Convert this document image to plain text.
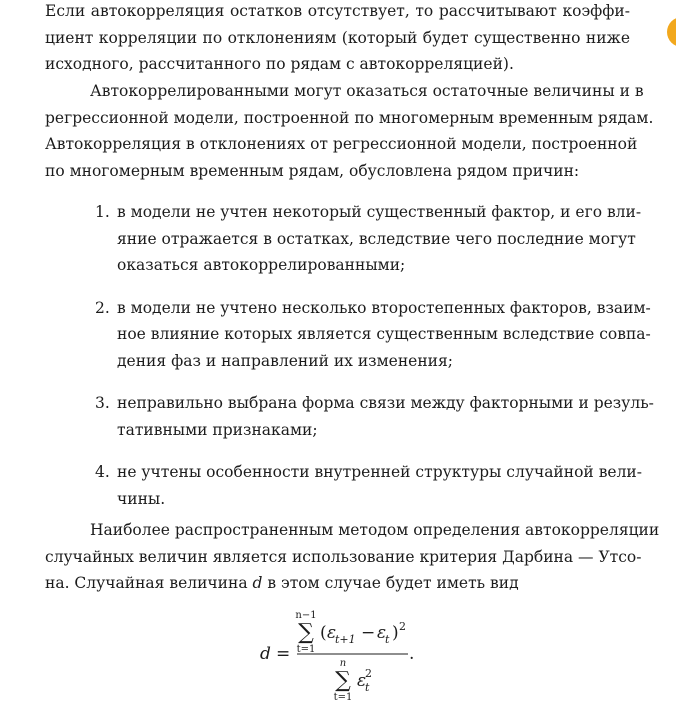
Если автокорреляция остатков отсутствует, то рассчитывают коэффи-
циент корреляции по отклонениям (который будет существенно ниже
исходного, рассчитанного по рядам с автокорреляцией).

Автокоррелированными могут оказаться остаточные величины и в
регрессионной модели, построенной по многомерным временным рядам.
Автокорреляция в отклонениях от регрессионной модели, построенной
по многомерным временным рядам, обусловлена рядом причин:

1. в модели не учтен некоторый существенный фактор, и его вли-
яние отражается в остатках, вследствие чего последние могут
оказаться автокоррелированными;
2. в модели не учтено несколько второстепенных факторов, взаим-
ное влияние которых является существенным вследствие совпа-
дения фаз и направлений их изменения;
3. неправильно выбрана форма связи между факторными и резуль-
тативными признаками;
4. не учтены особенности внутренней структуры случайной вели-
чины.

Наиболее распространенным методом определения автокорреляции
случайных величин является использование критерия Дарбина — Утсо-
на. Случайная величина d в этом случае будет иметь вид

d =
n−1
∑
t=1
( ε
t+1 − ε
t ) 2
.
n
∑
t=1
ε
t
2
